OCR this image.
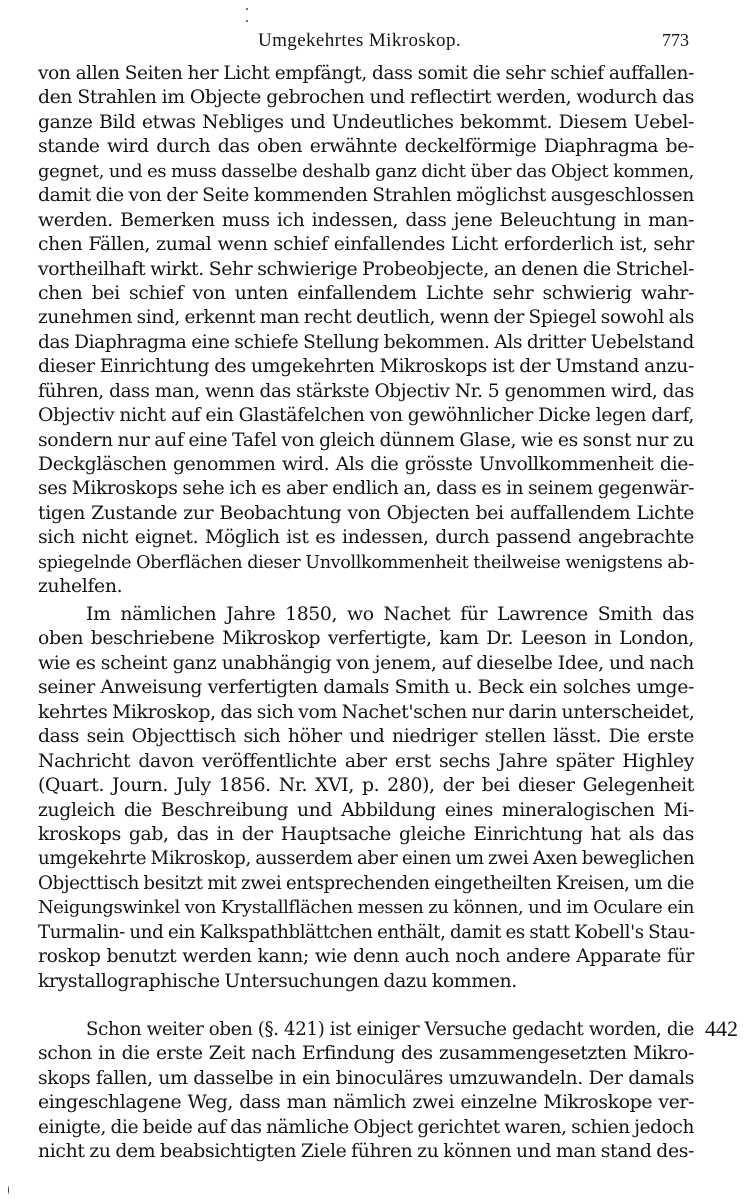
Umgekehrtes Mikroskop.	773
von allen Seiten her Licht empfängt, dass somit die sehr schief auffallen-
den Strahlen im Objecte gebrochen und reflectirt werden, wodurch das
ganze Bild etwas Nebliges und Undeutliches bekommt. Diesem Uebel-
stande wird durch das oben erwähnte deckelförmige Diaphragma be-
gegnet, und es muss dasselbe deshalb ganz dicht über das Object kommen,
damit die von der Seite kommenden Strahlen möglichst ausgeschlossen
werden. Bemerken muss ich indessen, dass jene Beleuchtung in man-
chen Fällen, zumal wenn schief einfallendes Licht erforderlich ist, sehr
vortheilhaft wirkt. Sehr schwierige Probeobjecte, an denen die Strichel-
chen bei schief von unten einfallendem Lichte sehr schwierig wahr-
zunehmen sind, erkennt man recht deutlich, wenn der Spiegel sowohl als
das Diaphragma eine schiefe Stellung bekommen. Als dritter Uebelstand
dieser Einrichtung des umgekehrten Mikroskops ist der Umstand anzu-
führen, dass man, wenn das stärkste Objectiv Nr. 5 genommen wird, das
Objectiv nicht auf ein Glastäfelchen von gewöhnlicher Dicke legen darf,
sondern nur auf eine Tafel von gleich dünnem Glase, wie es sonst nur zu
Deckgläschen genommen wird. Als die grösste Unvollkommenheit die-
ses Mikroskops sehe ich es aber endlich an, dass es in seinem gegenwär-
tigen Zustande zur Beobachtung von Objecten bei auffallendem Lichte
sich nicht eignet. Möglich ist es indessen, durch passend angebrachte
spiegelnde Oberflächen dieser Unvollkommenheit theilweise wenigstens ab-
zuhelfen.
Im nämlichen Jahre 1850, wo Nachet für Lawrence Smith das
oben beschriebene Mikroskop verfertigte, kam Dr. Leeson in London,
wie es scheint ganz unabhängig von jenem, auf dieselbe Idee, und nach
seiner Anweisung verfertigten damals Smith u. Beck ein solches umge-
kehrtes Mikroskop, das sich vom Nachet'schen nur darin unterscheidet,
dass sein Objecttisch sich höher und niedriger stellen lässt. Die erste
Nachricht davon veröffentlichte aber erst sechs Jahre später Highley
(Quart. Journ. July 1856. Nr. XVI, p. 280), der bei dieser Gelegenheit
zugleich die Beschreibung und Abbildung eines mineralogischen Mi-
kroskops gab, das in der Hauptsache gleiche Einrichtung hat als das
umgekehrte Mikroskop, ausserdem aber einen um zwei Axen beweglichen
Objecttisch besitzt mit zwei entsprechenden eingetheilten Kreisen, um die
Neigungswinkel von Krystallflächen messen zu können, und im Oculare ein
Turmalin- und ein Kalkspathblättchen enthält, damit es statt Kobell's Stau-
roskop benutzt werden kann; wie denn auch noch andere Apparate für
krystallographische Untersuchungen dazu kommen.
442
Schon weiter oben (§. 421) ist einiger Versuche gedacht worden, die
schon in die erste Zeit nach Erfindung des zusammengesetzten Mikro-
skops fallen, um dasselbe in ein binoculäres umzuwandeln. Der damals
eingeschlagene Weg, dass man nämlich zwei einzelne Mikroskope ver-
einigte, die beide auf das nämliche Object gerichtet waren, schien jedoch
nicht zu dem beabsichtigten Ziele führen zu können und man stand des-
